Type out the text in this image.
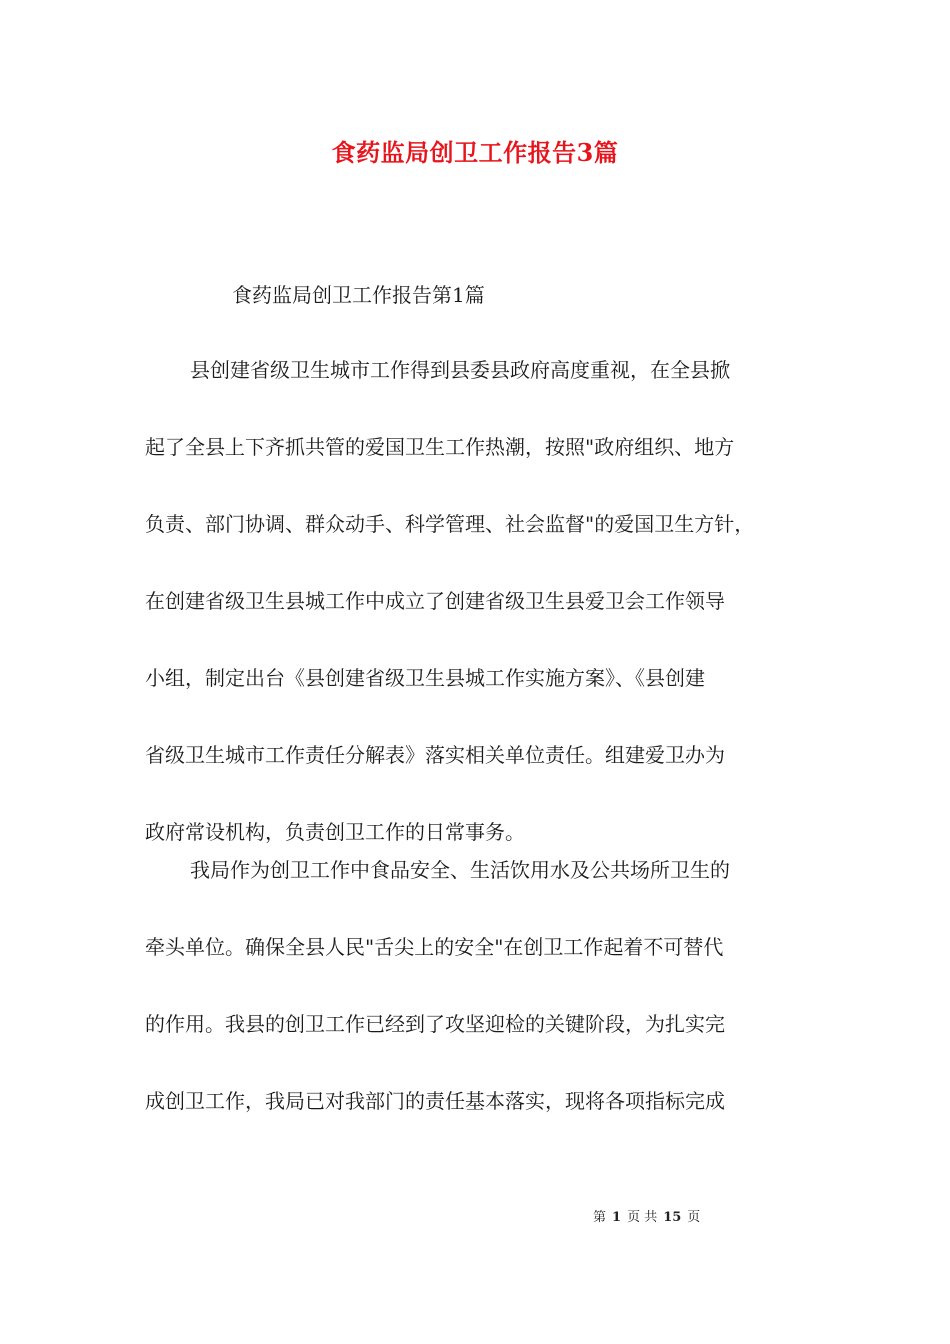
食药监局创卫工作报告3篇

食药监局创卫工作报告第1篇

县创建省级卫生城市工作得到县委县政府高度重视，在全县掀
起了全县上下齐抓共管的爱国卫生工作热潮，按照"政府组织、地方
负责、部门协调、群众动手、科学管理、社会监督"的爱国卫生方针，
在创建省级卫生县城工作中成立了创建省级卫生县爱卫会工作领导
小组，制定出台《县创建省级卫生县城工作实施方案》、《县创建
省级卫生城市工作责任分解表》落实相关单位责任。组建爱卫办为
政府常设机构，负责创卫工作的日常事务。
我局作为创卫工作中食品安全、生活饮用水及公共场所卫生的
牵头单位。确保全县人民"舌尖上的安全"在创卫工作起着不可替代
的作用。我县的创卫工作已经到了攻坚迎检的关键阶段，为扎实完
成创卫工作，我局已对我部门的责任基本落实，现将各项指标完成
第 1 页 共 15 页
